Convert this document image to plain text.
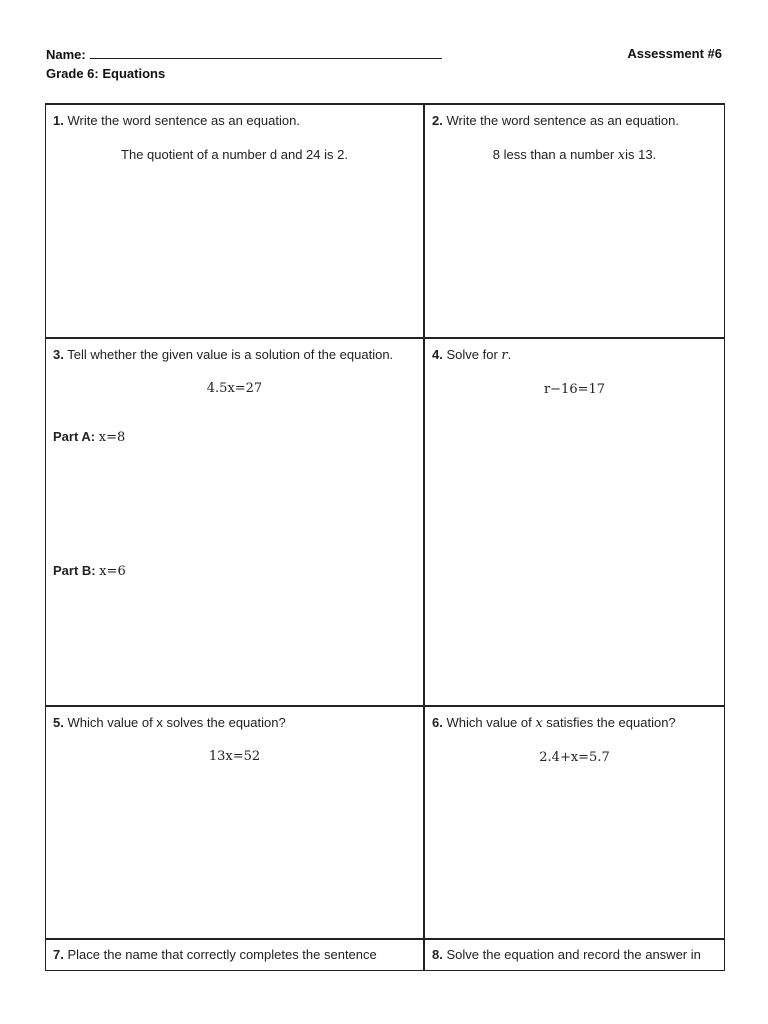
Name:	Assessment #6
Grade 6: Equations
1. Write the word sentence as an equation.
The quotient of a number d and 24 is 2.
2. Write the word sentence as an equation.
8 less than a number xis 13.
3. Tell whether the given value is a solution of the equation.
4.5x=27
Part A: x=8
Part B: x=6
4. Solve for r.
r−16=17
5. Which value of x solves the equation?
13x=52
6. Which value of x satisfies the equation?
2.4+x=5.7
7. Place the name that correctly completes the sentence	8. Solve the equation and record the answer in
